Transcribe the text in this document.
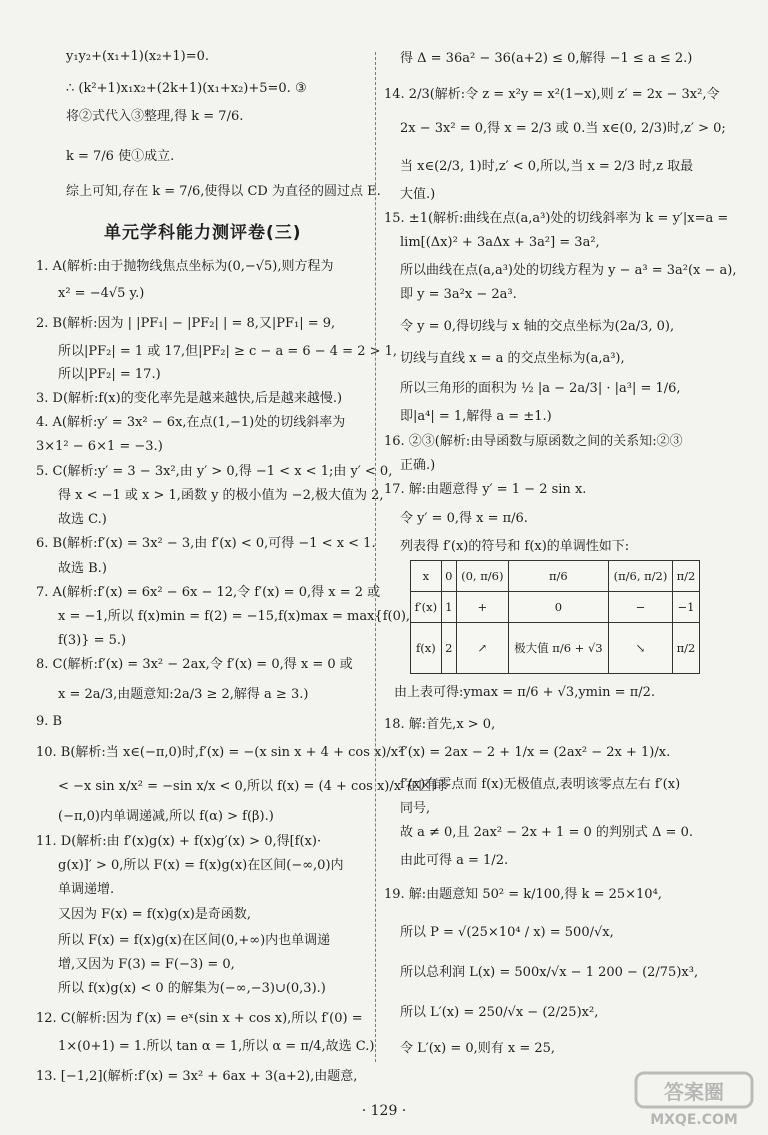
y₁y₂+(x₁+1)(x₂+1)=0.
∴ (k²+1)x₁x₂+(2k+1)(x₁+x₂)+5=0. ③
将②式代入③整理,得 k = 7/6.
k = 7/6 使①成立.
综上可知,存在 k = 7/6,使得以 CD 为直径的圆过点 E.
单元学科能力测评卷(三)
1. A(解析:由于抛物线焦点坐标为(0,−√5),则方程为
x² = −4√5 y.)
2. B(解析:因为 | |PF₁| − |PF₂| | = 8,又|PF₁| = 9,
所以|PF₂| = 1 或 17,但|PF₂| ≥ c − a = 6 − 4 = 2 > 1,
所以|PF₂| = 17.)
3. D(解析:f(x)的变化率先是越来越快,后是越来越慢.)
4. A(解析:y′ = 3x² − 6x,在点(1,−1)处的切线斜率为
3×1² − 6×1 = −3.)
5. C(解析:y′ = 3 − 3x²,由 y′ > 0,得 −1 < x < 1;由 y′ < 0,
得 x < −1 或 x > 1,函数 y 的极小值为 −2,极大值为 2,
故选 C.)
6. B(解析:f′(x) = 3x² − 3,由 f′(x) < 0,可得 −1 < x < 1.
故选 B.)
7. A(解析:f′(x) = 6x² − 6x − 12,令 f′(x) = 0,得 x = 2 或
x = −1,所以 f(x)min = f(2) = −15,f(x)max = max{f(0),
f(3)} = 5.)
8. C(解析:f′(x) = 3x² − 2ax,令 f′(x) = 0,得 x = 0 或
x = 2a/3,由题意知:2a/3 ≥ 2,解得 a ≥ 3.)
9. B
10. B(解析:当 x∈(−π,0)时,f′(x) = −(x sin x + 4 + cos x)/x²
< −x sin x/x² = −sin x/x < 0,所以 f(x) = (4 + cos x)/x 在区间
(−π,0)内单调递减,所以 f(α) > f(β).)
11. D(解析:由 f′(x)g(x) + f(x)g′(x) > 0,得[f(x)·
g(x)]′ > 0,所以 F(x) = f(x)g(x)在区间(−∞,0)内
单调递增.
又因为 F(x) = f(x)g(x)是奇函数,
所以 F(x) = f(x)g(x)在区间(0,+∞)内也单调递
增,又因为 F(3) = F(−3) = 0,
所以 f(x)g(x) < 0 的解集为(−∞,−3)∪(0,3).)
12. C(解析:因为 f′(x) = eˣ(sin x + cos x),所以 f′(0) =
1×(0+1) = 1.所以 tan α = 1,所以 α = π/4,故选 C.)
13. [−1,2](解析:f′(x) = 3x² + 6ax + 3(a+2),由题意,
得 Δ = 36a² − 36(a+2) ≤ 0,解得 −1 ≤ a ≤ 2.)
14. 2/3(解析:令 z = x²y = x²(1−x),则 z′ = 2x − 3x²,令
2x − 3x² = 0,得 x = 2/3 或 0.当 x∈(0, 2/3)时,z′ > 0;
当 x∈(2/3, 1)时,z′ < 0,所以,当 x = 2/3 时,z 取最
大值.)
15. ±1(解析:曲线在点(a,a³)处的切线斜率为 k = y′|x=a =
lim[(Δx)² + 3aΔx + 3a²] = 3a²,
所以曲线在点(a,a³)处的切线方程为 y − a³ = 3a²(x − a),
即 y = 3a²x − 2a³.
令 y = 0,得切线与 x 轴的交点坐标为(2a/3, 0),
切线与直线 x = a 的交点坐标为(a,a³),
所以三角形的面积为 ½ |a − 2a/3| · |a³| = 1/6,
即|a⁴| = 1,解得 a = ±1.)
16. ②③(解析:由导函数与原函数之间的关系知:②③
正确.)
17. 解:由题意得 y′ = 1 − 2 sin x.
令 y′ = 0,得 x = π/6.
列表得 f′(x)的符号和 f(x)的单调性如下:
x	0	(0, π/6)	π/6	(π/6, π/2)	π/2
f′(x)	1	+	0	−	−1
f(x)	2	↗	极大值 π/6 + √3	↘	π/2
由上表可得:ymax = π/6 + √3,ymin = π/2.
18. 解:首先,x > 0,
f′(x) = 2ax − 2 + 1/x = (2ax² − 2x + 1)/x.
f′(x)有零点而 f(x)无极值点,表明该零点左右 f′(x)
同号,
故 a ≠ 0,且 2ax² − 2x + 1 = 0 的判别式 Δ = 0.
由此可得 a = 1/2.
19. 解:由题意知 50² = k/100,得 k = 25×10⁴,
所以 P = √(25×10⁴ / x) = 500/√x,
所以总利润 L(x) = 500x/√x − 1 200 − (2/75)x³,
所以 L′(x) = 250/√x − (2/25)x²,
令 L′(x) = 0,则有 x = 25,
· 129 ·
答案圈
MXQE.COM
